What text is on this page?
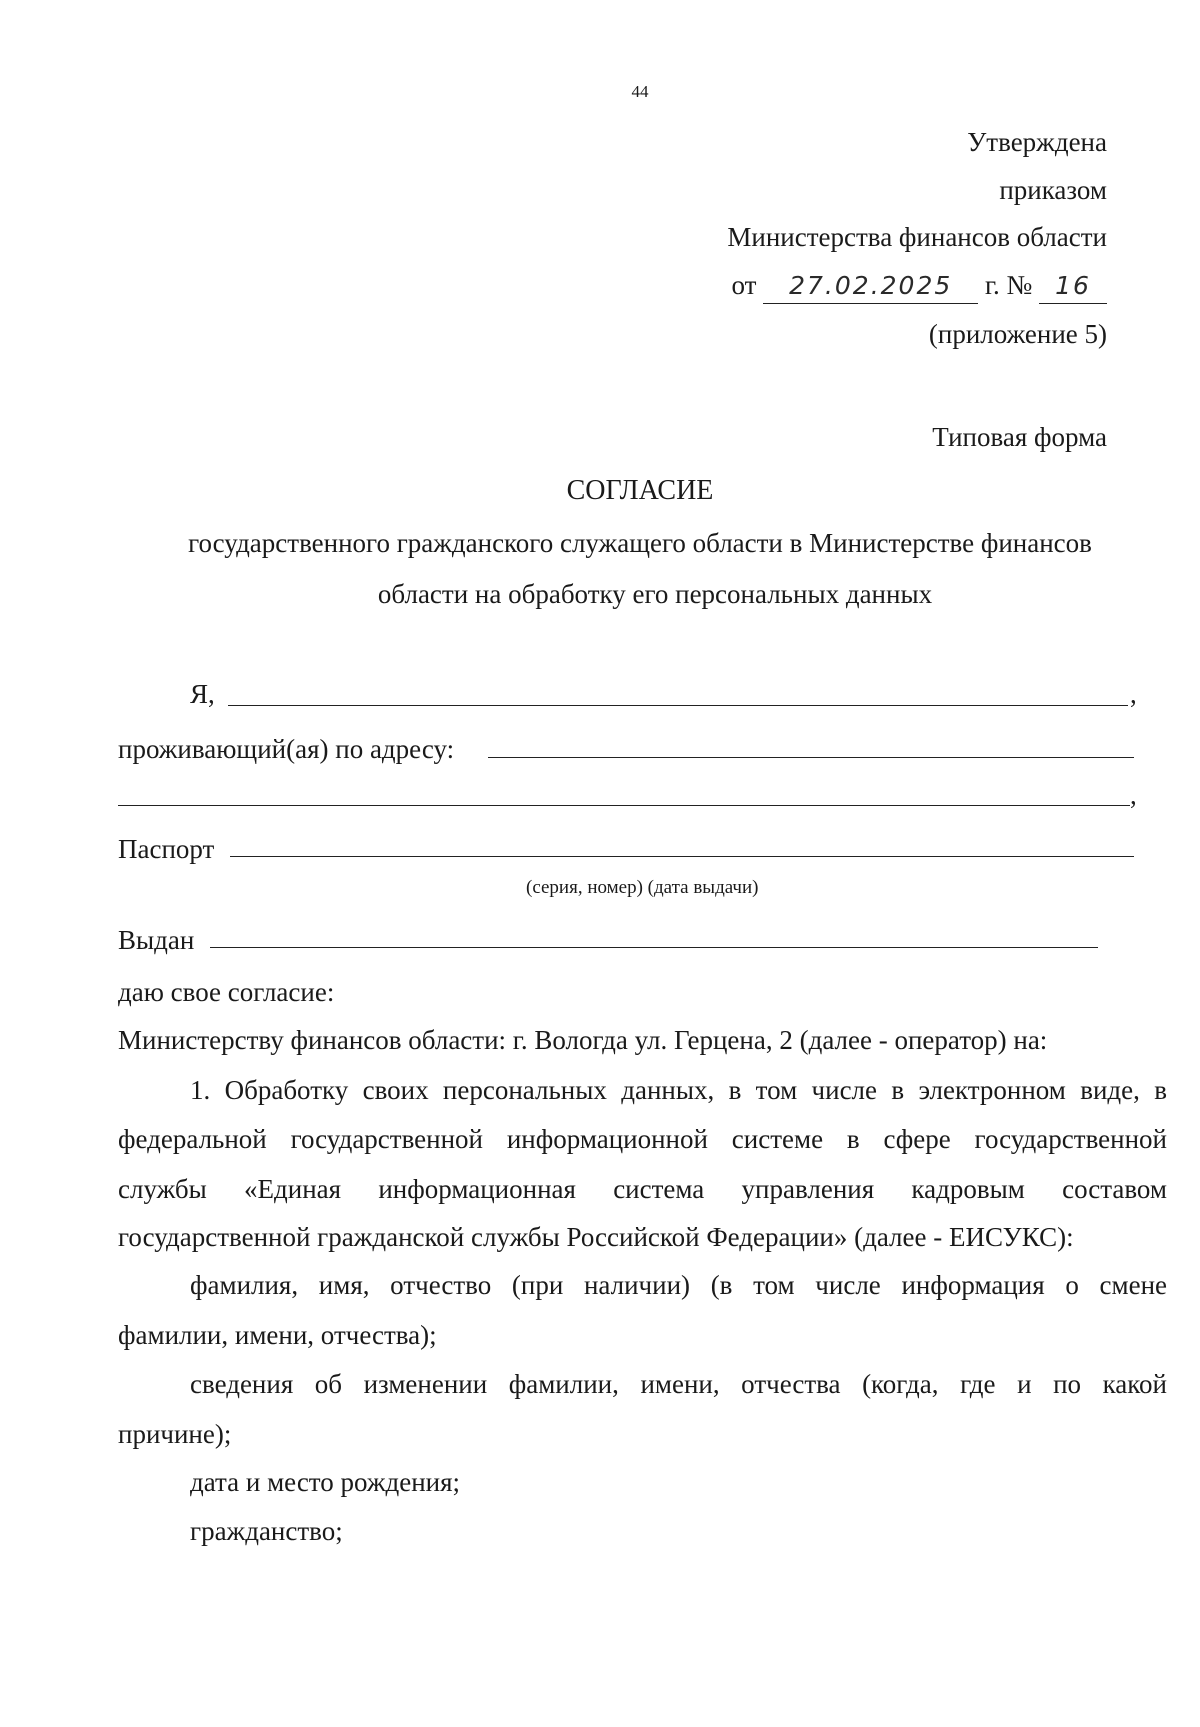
44
Утверждена
приказом
Министерства финансов области
от 27.02.2025 г. № 16
(приложение 5)
Типовая форма
СОГЛАСИЕ
государственного гражданского служащего области в Министерстве финансов
области на обработку его персональных данных
Я,	,
проживающий(ая) по адресу:
,
Паспорт
(серия, номер) (дата выдачи)
Выдан
даю свое согласие:
Министерству финансов области: г. Вологда ул. Герцена, 2 (далее - оператор) на:
1. Обработку своих персональных данных, в том числе в электронном виде, в
федеральной государственной информационной системе в сфере государственной
службы «Единая информационная система управления кадровым составом
государственной гражданской службы Российской Федерации» (далее - ЕИСУКС):
фамилия, имя, отчество (при наличии) (в том числе информация о смене
фамилии, имени, отчества);
сведения об изменении фамилии, имени, отчества (когда, где и по какой
причине);
дата и место рождения;
гражданство;
